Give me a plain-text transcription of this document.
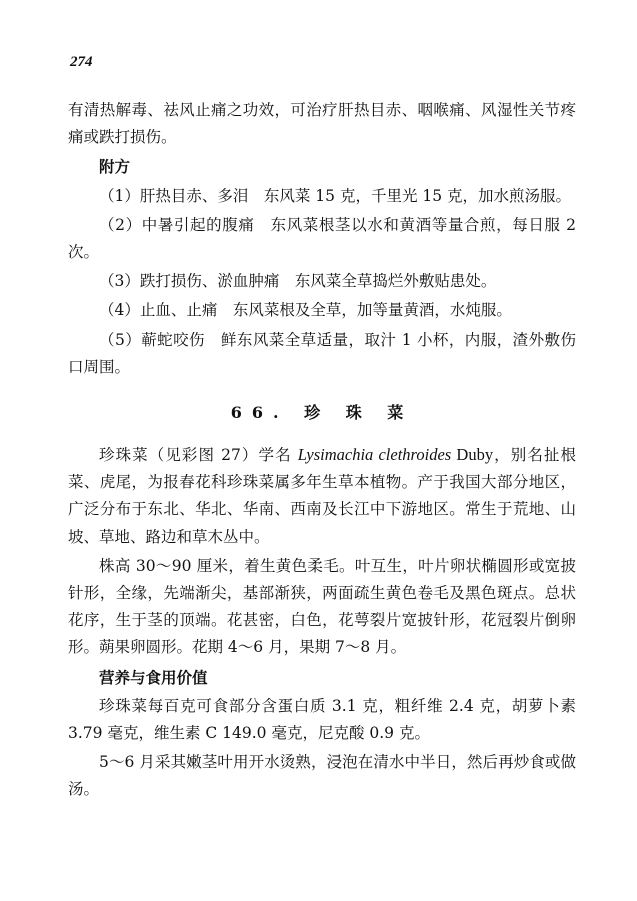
274

有清热解毒、祛风止痛之功效，可治疗肝热目赤、咽喉痛、风湿性关节疼痛或跌打损伤。

附方

（1）肝热目赤、多泪　东风菜 15 克，千里光 15 克，加水煎汤服。

（2）中暑引起的腹痛　东风菜根茎以水和黄酒等量合煎，每日服 2 次。

（3）跌打损伤、淤血肿痛　东风菜全草捣烂外敷贴患处。

（4）止血、止痛　东风菜根及全草，加等量黄酒，水炖服。

（5）蕲蛇咬伤　鲜东风菜全草适量，取汁 1 小杯，内服，渣外敷伤口周围。

66. 珍 珠 菜

珍珠菜（见彩图 27）学名 Lysimachia clethroides Duby，别名扯根菜、虎尾，为报春花科珍珠菜属多年生草本植物。产于我国大部分地区，广泛分布于东北、华北、华南、西南及长江中下游地区。常生于荒地、山坡、草地、路边和草木丛中。

株高 30～90 厘米，着生黄色柔毛。叶互生，叶片卵状椭圆形或宽披针形，全缘，先端渐尖，基部渐狭，两面疏生黄色卷毛及黑色斑点。总状花序，生于茎的顶端。花甚密，白色，花萼裂片宽披针形，花冠裂片倒卵形。蒴果卵圆形。花期 4～6 月，果期 7～8 月。

营养与食用价值

珍珠菜每百克可食部分含蛋白质 3.1 克，粗纤维 2.4 克，胡萝卜素 3.79 毫克，维生素 C 149.0 毫克，尼克酸 0.9 克。

5～6 月采其嫩茎叶用开水烫熟，浸泡在清水中半日，然后再炒食或做汤。
